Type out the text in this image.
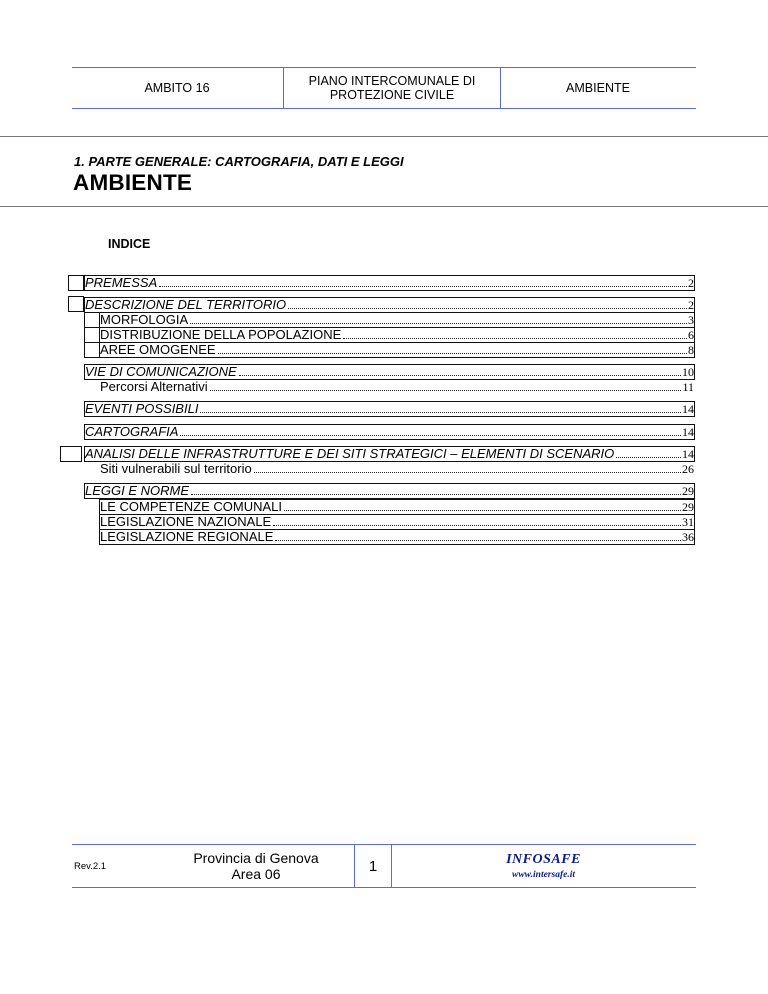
AMBITO 16	PIANO INTERCOMUNALE DI PROTEZIONE CIVILE	AMBIENTE
1. PARTE GENERALE: CARTOGRAFIA, DATI E LEGGI
AMBIENTE
INDICE
PREMESSA	2
DESCRIZIONE DEL TERRITORIO	2
MORFOLOGIA	3
DISTRIBUZIONE DELLA POPOLAZIONE	6
AREE OMOGENEE	8
VIE DI COMUNICAZIONE	10
Percorsi Alternativi	11
EVENTI POSSIBILI	14
CARTOGRAFIA	14
ANALISI DELLE INFRASTRUTTURE E DEI SITI STRATEGICI – ELEMENTI DI SCENARIO	14
Siti vulnerabili sul territorio	26
LEGGI E NORME	29
LE COMPETENZE COMUNALI	29
LEGISLAZIONE NAZIONALE	31
LEGISLAZIONE REGIONALE	36
Rev.2.1	Provincia di Genova
Area 06	1	INFOSAFE
www.intersafe.it
